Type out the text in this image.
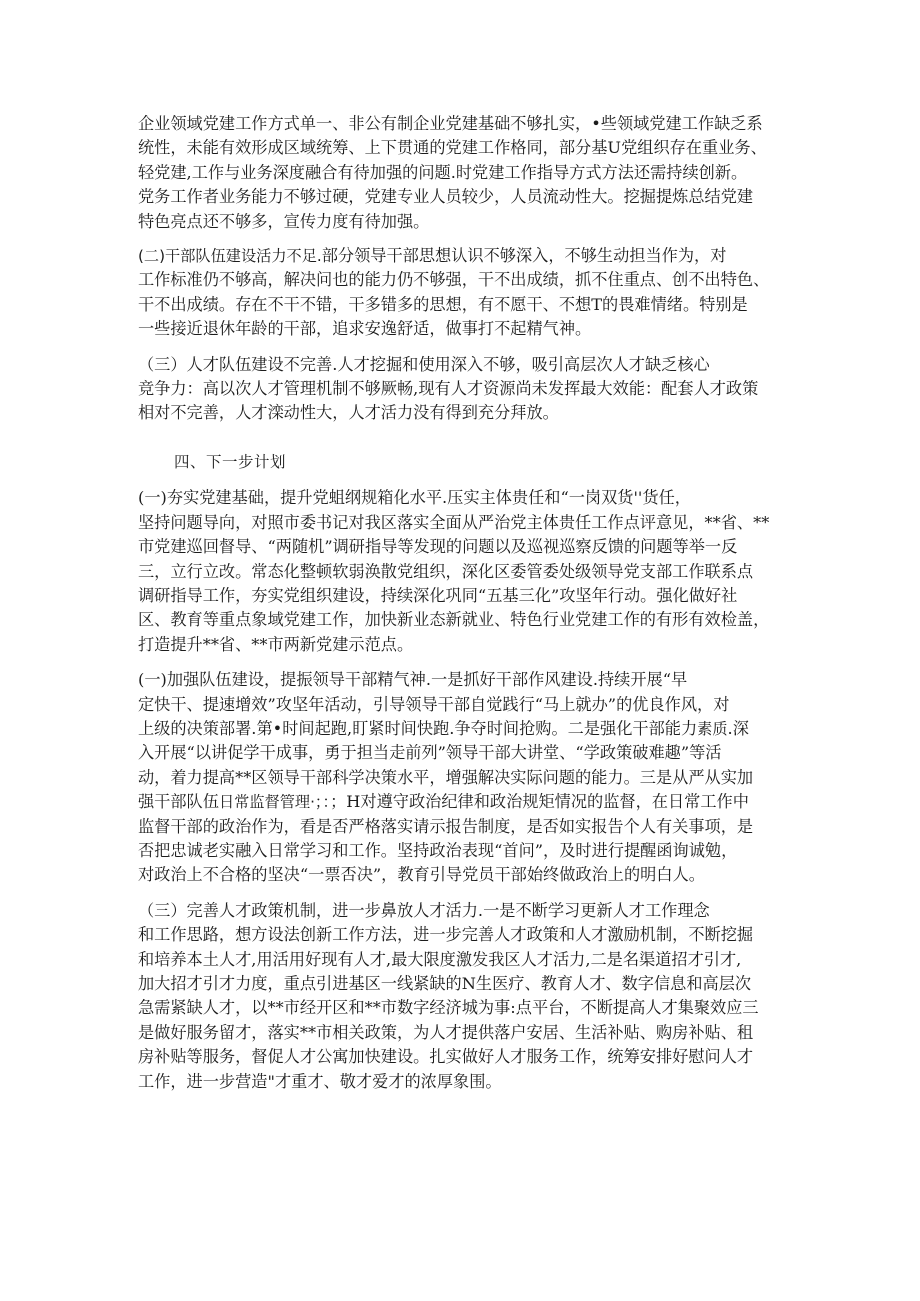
企业领域党建工作方式单一、非公有制企业党建基础不够扎实，•些领域党建工作缺乏系
统性，未能有效形成区域统筹、上下贯通的党建工作格同，部分基U党组织存在重业务、
轻党建,工作与业务深度融合有待加强的问题.时党建工作指导方式方法还需持续创新。
党务工作者业务能力不够过硬，党建专业人员较少，人员流动性大。挖掘提炼总结党建
特色亮点还不够多，宣传力度有待加强。

(二)干部队伍建设活力不足.部分领导干部思想认识不够深入，不够生动担当作为，对
工作标准仍不够高，解决问也的能力仍不够强，干不出成绩，抓不住重点、创不出特色、
干不出成绩。存在不干不错，干多错多的思想，有不愿干、不想T的畏难情绪。特别是
一些接近退休年龄的干部，追求安逸舒适，做事打不起精气神。

（三）人才队伍建设不完善.人才挖掘和使用深入不够，吸引高层次人才缺乏核心
竞争力：高以次人才管理机制不够厥畅,现有人才资源尚未发挥最大效能：配套人才政策
相对不完善，人才滦动性大，人才活力没有得到充分拜放。

四、下一步计划

(一)夯实党建基础，提升党蛆纲规箱化水平.压实主体贵任和“一岗双货''货任，
坚持问题导向，对照市委书记对我区落实全面从严治党主体贵任工作点评意见，**省、**
市党建巡回督导、“两随机”调研指导等发现的问题以及巡视巡察反馈的问题等举一反
三，立行立改。常态化整顿软弱涣散党组织，深化区委管委处级领导党支部工作联系点
调研指导工作，夯实党组织建设，持续深化巩同“五基三化”攻坚年行动。强化做好社
区、教育等重点象域党建工作，加快新业态新就业、特色行业党建工作的有形有效检盖，
打造提升**省、**市两新党建示范点。

(一)加强队伍建设，提振领导干部精气神.一是抓好干部作风建设.持续开展“早
定快干、提速增效”攻坚年活动，引导领导干部自觉践行“马上就办”的优良作风，对
上级的决策部署.第•时间起跑,盯紧时间快跑.争夺时间抢购。二是强化干部能力素质.深
入开展“以讲促学干成事，勇于担当走前列”领导干部大讲堂、“学政策破难趣”等活
动，着力提高**区领导干部科学决策水平，增强解决实际问题的能力。三是从严从实加
强干部队伍日常监督管理·；：；H对遵守政治纪律和政治规矩情况的监督，在日常工作中
监督干部的政治作为，看是否严格落实请示报告制度，是否如实报告个人有关事项，是
否把忠诚老实融入日常学习和工作。坚持政治表现“首问”，及时进行提醒函询诚勉，
对政治上不合格的坚决“一票否决”，教育引导党员干部始终做政治上的明白人。

（三）完善人才政策机制，进一步鼻放人才活力.一是不断学习更新人才工作理念
和工作思路，想方设法创新工作方法，进一步完善人才政策和人才激励机制，不断挖掘
和培养本土人才,用活用好现有人才,最大限度激发我区人才活力,二是名渠道招才引才,
加大招才引才力度，重点引进基区一线紧缺的N生医疗、教育人才、数字信息和高层次
急需紧缺人才，以**市经开区和**市数字经济城为事:点平台，不断提高人才集聚效应三
是做好服务留才，落实**市相关政策，为人才提供落户安居、生活补贴、购房补贴、租
房补贴等服务，督促人才公寓加快建设。扎实做好人才服务工作，统筹安排好慰问人才
工作，进一步营造"才重才、敬才爱才的浓厚象围。
